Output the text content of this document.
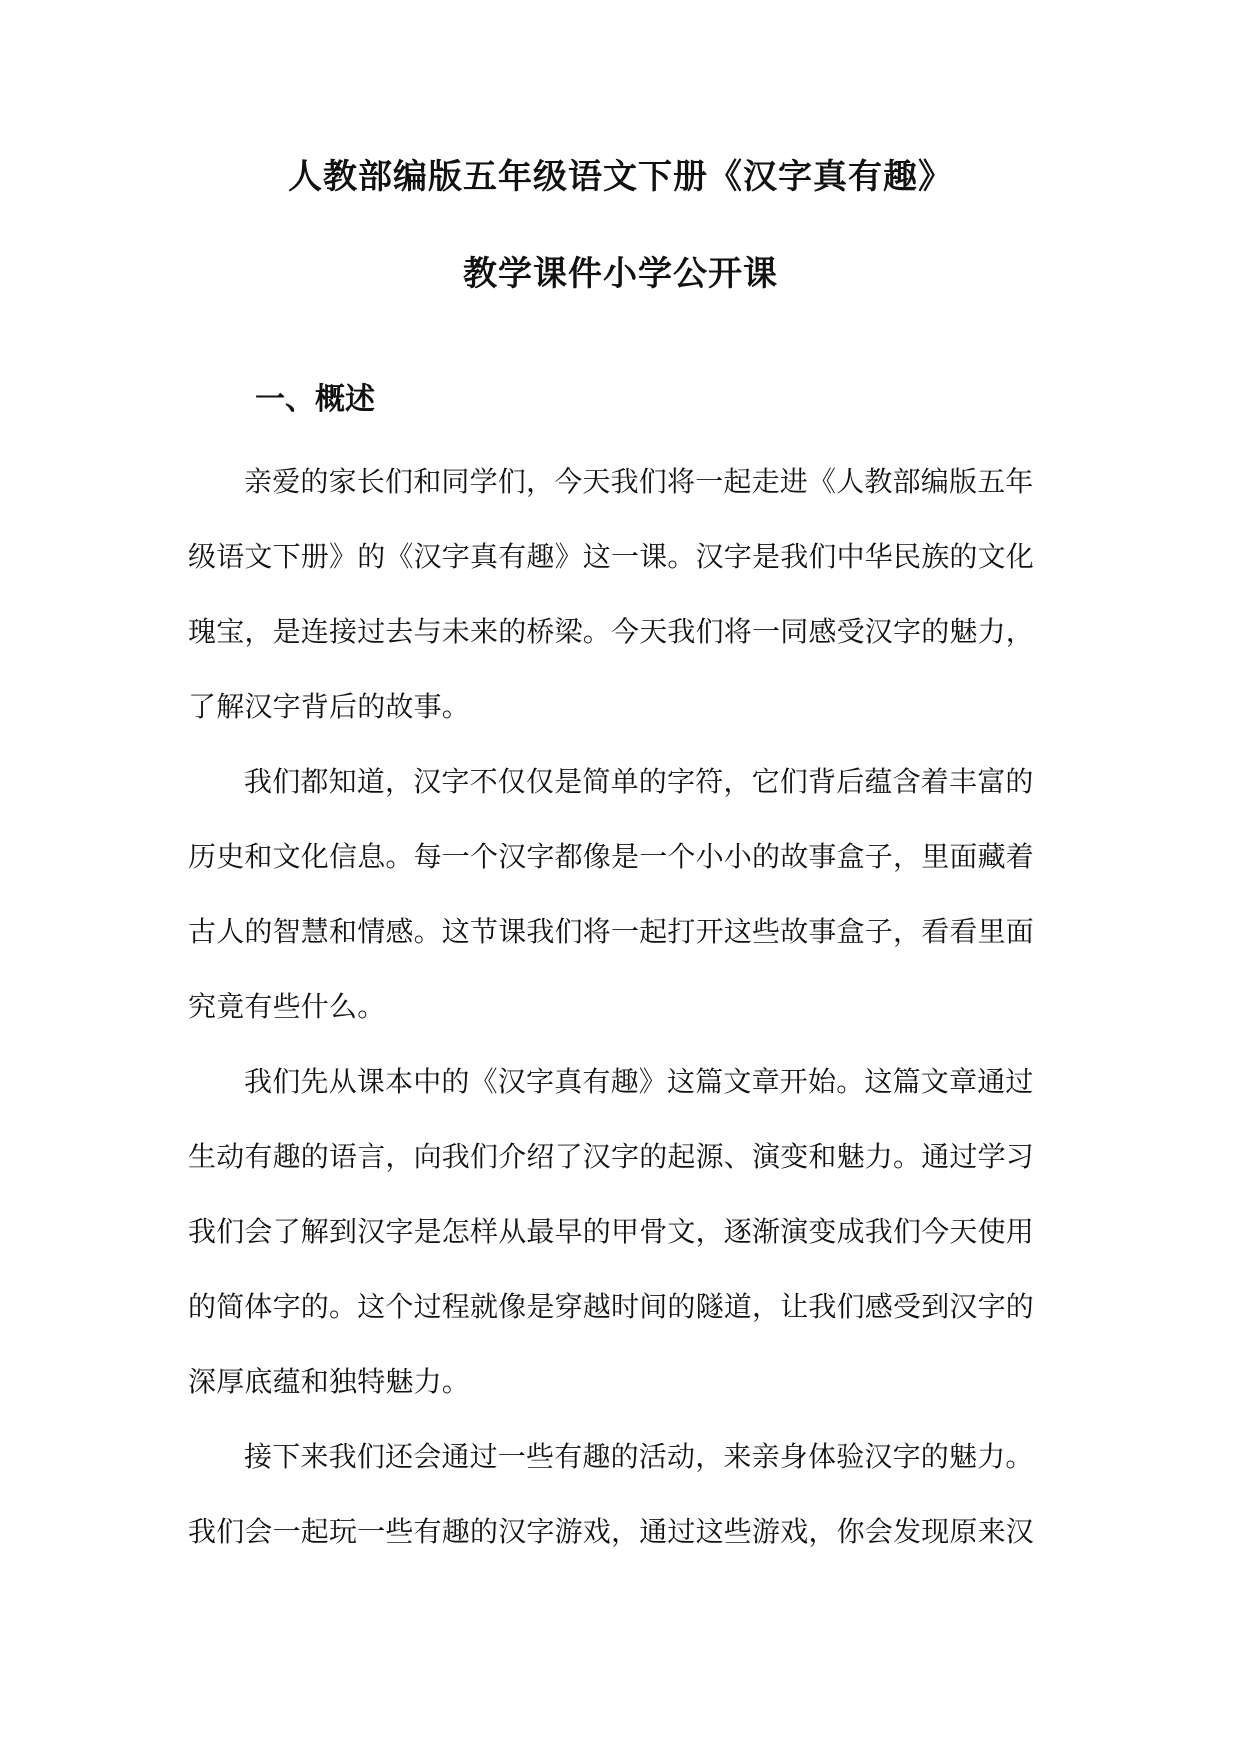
人教部编版五年级语文下册《汉字真有趣》
教学课件小学公开课
一、概述
亲爱的家长们和同学们，今天我们将一起走进《人教部编版五年
级语文下册》的《汉字真有趣》这一课。汉字是我们中华民族的文化
瑰宝，是连接过去与未来的桥梁。今天我们将一同感受汉字的魅力，
了解汉字背后的故事。
我们都知道，汉字不仅仅是简单的字符，它们背后蕴含着丰富的
历史和文化信息。每一个汉字都像是一个小小的故事盒子，里面藏着
古人的智慧和情感。这节课我们将一起打开这些故事盒子，看看里面
究竟有些什么。
我们先从课本中的《汉字真有趣》这篇文章开始。这篇文章通过
生动有趣的语言，向我们介绍了汉字的起源、演变和魅力。通过学习
我们会了解到汉字是怎样从最早的甲骨文，逐渐演变成我们今天使用
的简体字的。这个过程就像是穿越时间的隧道，让我们感受到汉字的
深厚底蕴和独特魅力。
接下来我们还会通过一些有趣的活动，来亲身体验汉字的魅力。
我们会一起玩一些有趣的汉字游戏，通过这些游戏，你会发现原来汉
